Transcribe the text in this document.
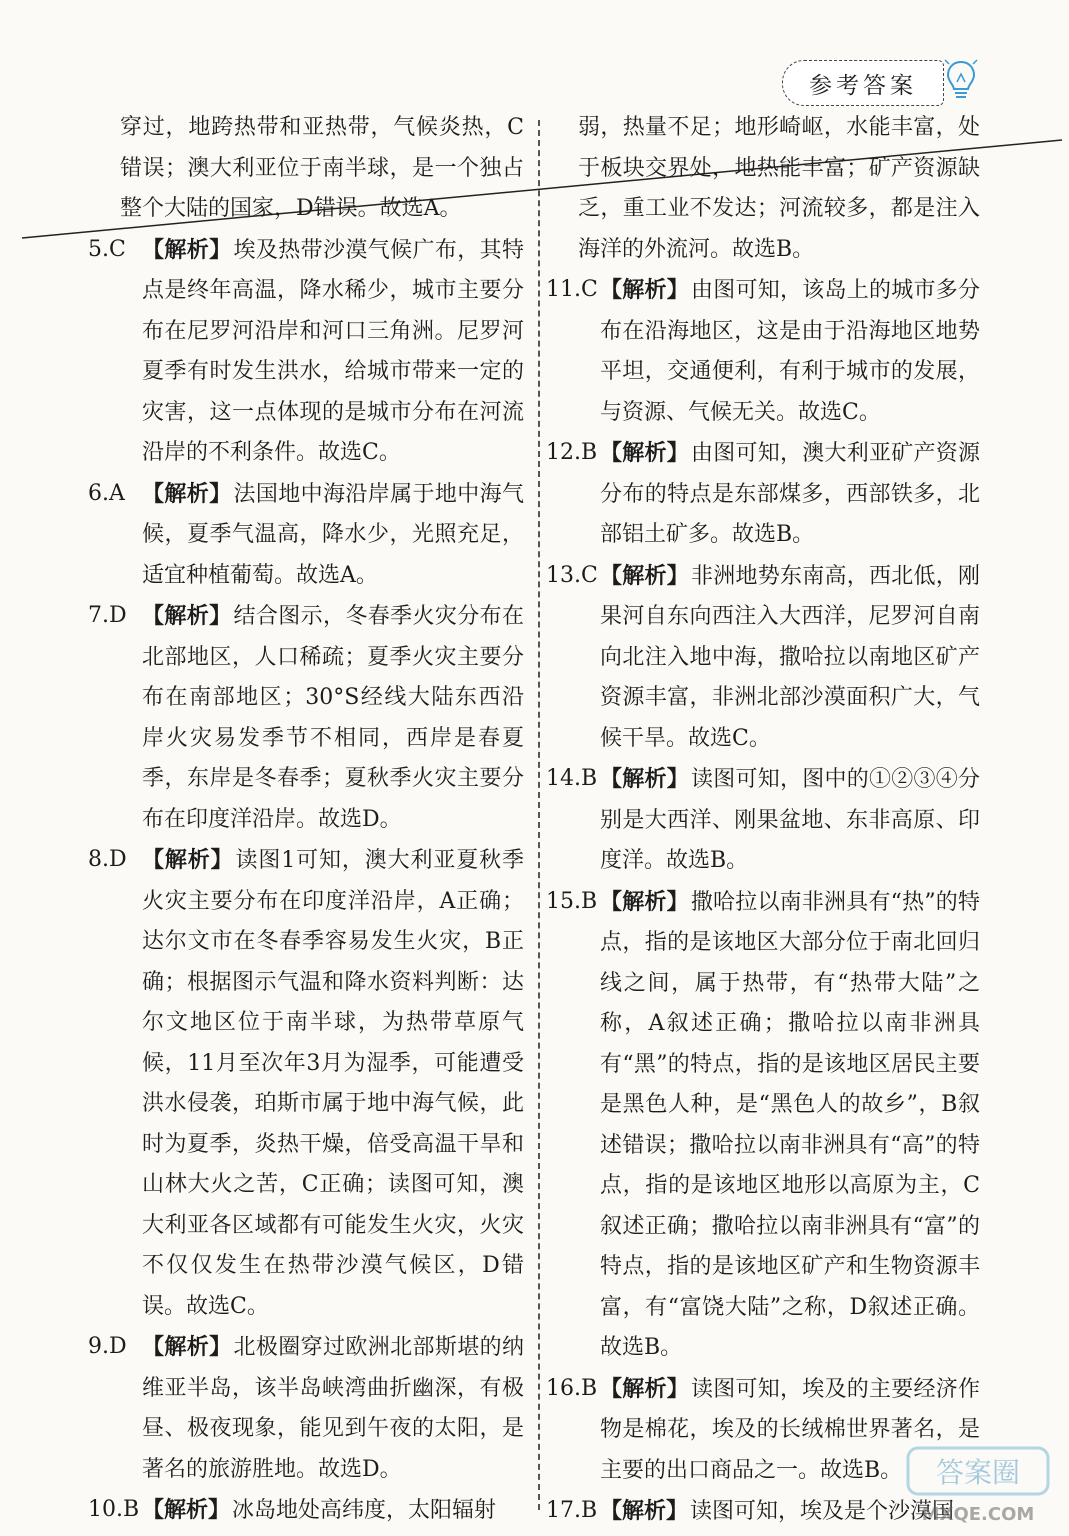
参考答案

穿过，地跨热带和亚热带，气候炎热，C错误；澳大利亚位于南半球，是一个独占整个大陆的国家，D错误。故选A。

5.C 【解析】埃及热带沙漠气候广布，其特点是终年高温，降水稀少，城市主要分布在尼罗河沿岸和河口三角洲。尼罗河夏季有时发生洪水，给城市带来一定的灾害，这一点体现的是城市分布在河流沿岸的不利条件。故选C。

6.A 【解析】法国地中海沿岸属于地中海气候，夏季气温高，降水少，光照充足，适宜种植葡萄。故选A。

7.D 【解析】结合图示，冬春季火灾分布在北部地区，人口稀疏；夏季火灾主要分布在南部地区；30°S经线大陆东西沿岸火灾易发季节不相同，西岸是春夏季，东岸是冬春季；夏秋季火灾主要分布在印度洋沿岸。故选D。

8.D 【解析】读图1可知，澳大利亚夏秋季火灾主要分布在印度洋沿岸，A正确；达尔文市在冬春季容易发生火灾，B正确；根据图示气温和降水资料判断：达尔文地区位于南半球，为热带草原气候，11月至次年3月为湿季，可能遭受洪水侵袭，珀斯市属于地中海气候，此时为夏季，炎热干燥，倍受高温干旱和山林大火之苦，C正确；读图可知，澳大利亚各区域都有可能发生火灾，火灾不仅仅发生在热带沙漠气候区，D错误。故选C。

9.D 【解析】北极圈穿过欧洲北部斯堪的纳维亚半岛，该半岛峡湾曲折幽深，有极昼、极夜现象，能见到午夜的太阳，是著名的旅游胜地。故选D。

10.B 【解析】冰岛地处高纬度，太阳辐射

弱，热量不足；地形崎岖，水能丰富，处于板块交界处，地热能丰富；矿产资源缺乏，重工业不发达；河流较多，都是注入海洋的外流河。故选B。

11.C 【解析】由图可知，该岛上的城市多分布在沿海地区，这是由于沿海地区地势平坦，交通便利，有利于城市的发展，与资源、气候无关。故选C。

12.B 【解析】由图可知，澳大利亚矿产资源分布的特点是东部煤多，西部铁多，北部铝土矿多。故选B。

13.C 【解析】非洲地势东南高，西北低，刚果河自东向西注入大西洋，尼罗河自南向北注入地中海，撒哈拉以南地区矿产资源丰富，非洲北部沙漠面积广大，气候干旱。故选C。

14.B 【解析】读图可知，图中的①②③④分别是大西洋、刚果盆地、东非高原、印度洋。故选B。

15.B 【解析】撒哈拉以南非洲具有“热”的特点，指的是该地区大部分位于南北回归线之间，属于热带，有“热带大陆”之称，A叙述正确；撒哈拉以南非洲具有“黑”的特点，指的是该地区居民主要是黑色人种，是“黑色人的故乡”，B叙述错误；撒哈拉以南非洲具有“高”的特点，指的是该地区地形以高原为主，C叙述正确；撒哈拉以南非洲具有“富”的特点，指的是该地区矿产和生物资源丰富，有“富饶大陆”之称，D叙述正确。故选B。

16.B 【解析】读图可知，埃及的主要经济作物是棉花，埃及的长绒棉世界著名，是主要的出口商品之一。故选B。

17.B 【解析】读图可知，埃及是个沙漠国

答案圈
MXQE.COM
